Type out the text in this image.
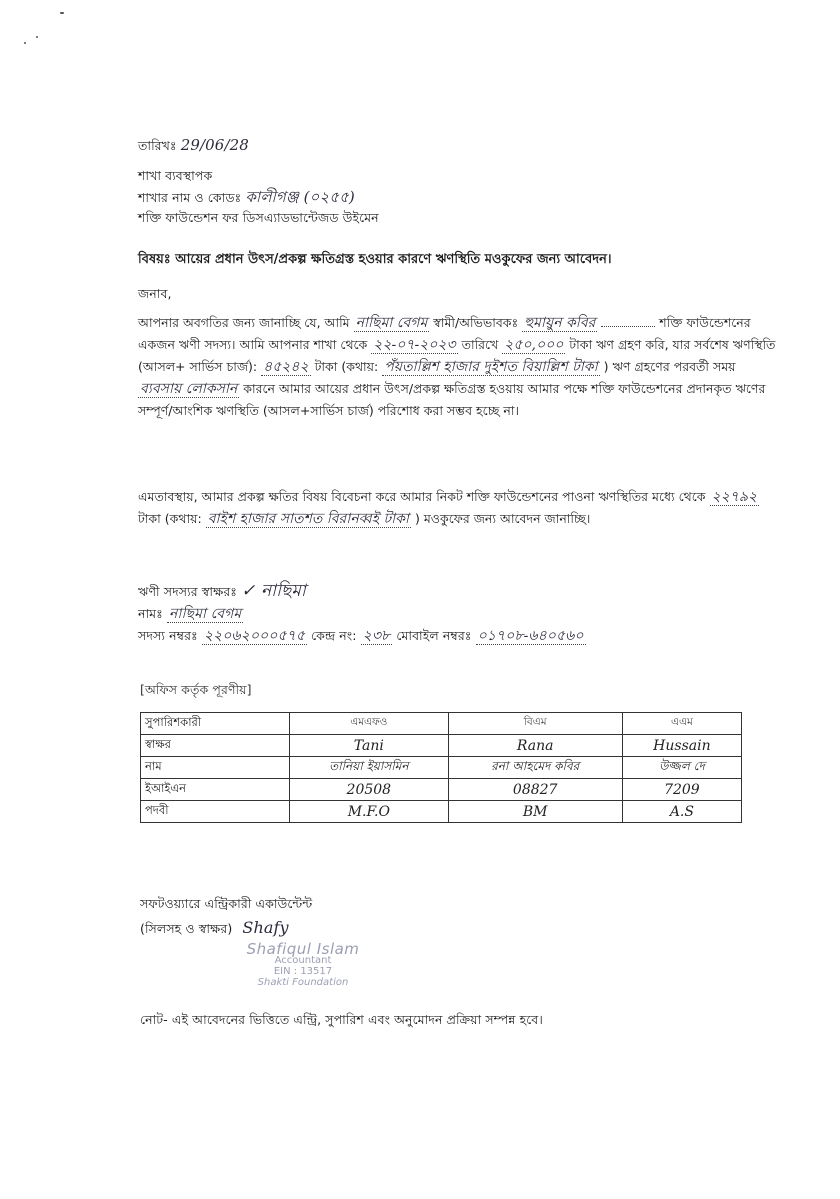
তারিখঃ 29/06/28
শাখা ব্যবস্থাপক
শাখার নাম ও কোডঃ কালীগঞ্জ (০২৫৫)
শক্তি ফাউন্ডেশন ফর ডিসএ্যাডভান্টেজড উইমেন
বিষয়ঃ আয়ের প্রধান উৎস/প্রকল্প ক্ষতিগ্রস্ত হওয়ার কারণে ঋণস্থিতি মওকুফের জন্য আবেদন।
জনাব,
আপনার অবগতির জন্য জানাচ্ছি যে, আমি নাছিমা বেগম স্বামী/অভিভাবকঃ হুমায়ুন কবির	শক্তি ফাউন্ডেশনের একজন ঋণী সদস্য। আমি আপনার শাখা থেকে ২২-০৭-২০২৩ তারিখে ২৫০,০০০ টাকা ঋণ গ্রহণ করি, যার সর্বশেষ ঋণস্থিতি (আসল+ সার্ভিস চার্জ): ৪৫২৪২ টাকা (কথায়: পঁয়তাল্লিশ হাজার দুইশত বিয়াল্লিশ টাকা ) ঋণ গ্রহণের পরবর্তী সময় ব্যবসায় লোকসান কারনে আমার আয়ের প্রধান উৎস/প্রকল্প ক্ষতিগ্রস্ত হওয়ায় আমার পক্ষে শক্তি ফাউন্ডেশনের প্রদানকৃত ঋণের সম্পূর্ণ/আংশিক ঋণস্থিতি (আসল+সার্ভিস চার্জ) পরিশোধ করা সম্ভব হচ্ছে না।
এমতাবস্থায়, আমার প্রকল্প ক্ষতির বিষয় বিবেচনা করে আমার নিকট শক্তি ফাউন্ডেশনের পাওনা ঋণস্থিতির মধ্যে থেকে ২২৭৯২ টাকা (কথায়: বাইশ হাজার সাতশত বিরানব্বই টাকা ) মওকুফের জন্য আবেদন জানাচ্ছি।
ঋণী সদস্যর স্বাক্ষরঃ ✓ নাছিমা
নামঃ নাছিমা বেগম
সদস্য নম্বরঃ ২২০৬২০০০৫৭৫ কেন্দ্র নং: ২৩৮ মোবাইল নম্বরঃ ০১৭০৮-৬৪০৫৬০
[অফিস কর্তৃক পূরণীয়]
সুপারিশকারী	এমএফও	বিএম	এএম
স্বাক্ষর	Tani	Rana	Hussain
নাম	তানিয়া ইয়াসমিন	রনা আহমেদ কবির	উজ্জল দে
ইআইএন	20508	08827	7209
পদবী	M.F.O	BM	A.S
সফটওয়্যারে এন্ট্রিকারী একাউন্টেন্ট
(সিলসহ ও স্বাক্ষর) Shafy
Shafiqul Islam
Accountant
EIN : 13517
Shakti Foundation
নোট- এই আবেদনের ভিত্তিতে এন্ট্রি, সুপারিশ এবং অনুমোদন প্রক্রিয়া সম্পন্ন হবে।
